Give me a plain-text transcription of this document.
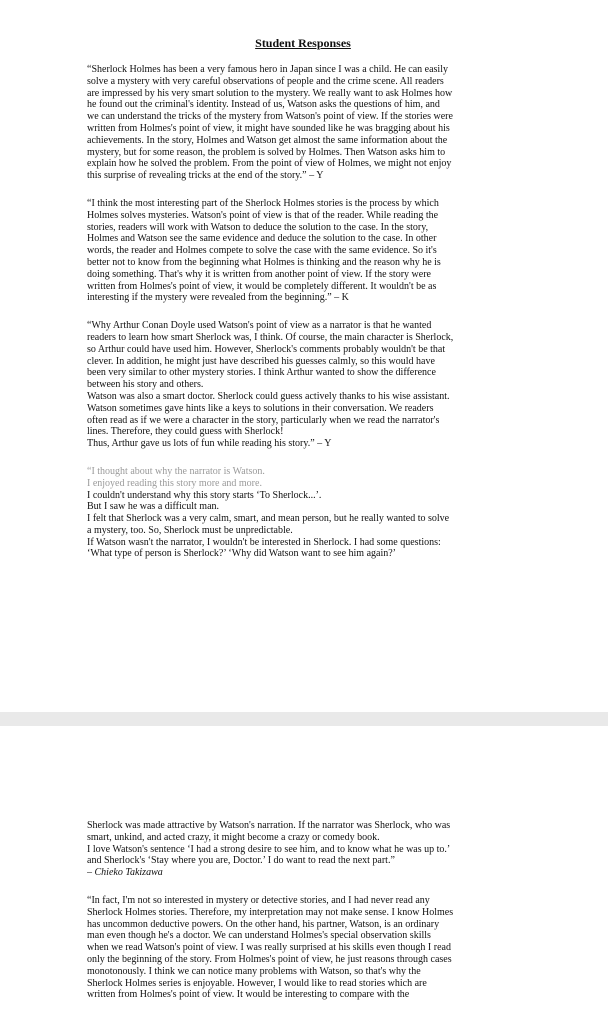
Student Responses
“Sherlock Holmes has been a very famous hero in Japan since I was a child. He can easily
solve a mystery with very careful observations of people and the crime scene. All readers
are impressed by his very smart solution to the mystery. We really want to ask Holmes how
he found out the criminal's identity. Instead of us, Watson asks the questions of him, and
we can understand the tricks of the mystery from Watson's point of view. If the stories were
written from Holmes's point of view, it might have sounded like he was bragging about his
achievements. In the story, Holmes and Watson get almost the same information about the
mystery, but for some reason, the problem is solved by Holmes. Then Watson asks him to
explain how he solved the problem. From the point of view of Holmes, we might not enjoy
this surprise of revealing tricks at the end of the story.” – Y
“I think the most interesting part of the Sherlock Holmes stories is the process by which
Holmes solves mysteries. Watson's point of view is that of the reader. While reading the
stories, readers will work with Watson to deduce the solution to the case. In the story,
Holmes and Watson see the same evidence and deduce the solution to the case. In other
words, the reader and Holmes compete to solve the case with the same evidence. So it's
better not to know from the beginning what Holmes is thinking and the reason why he is
doing something. That's why it is written from another point of view. If the story were
written from Holmes's point of view, it would be completely different. It wouldn't be as
interesting if the mystery were revealed from the beginning.” – K
“Why Arthur Conan Doyle used Watson's point of view as a narrator is that he wanted
readers to learn how smart Sherlock was, I think. Of course, the main character is Sherlock,
so Arthur could have used him. However, Sherlock's comments probably wouldn't be that
clever. In addition, he might just have described his guesses calmly, so this would have
been very similar to other mystery stories. I think Arthur wanted to show the difference
between his story and others.
Watson was also a smart doctor. Sherlock could guess actively thanks to his wise assistant.
Watson sometimes gave hints like a keys to solutions in their conversation. We readers
often read as if we were a character in the story, particularly when we read the narrator's
lines. Therefore, they could guess with Sherlock!
Thus, Arthur gave us lots of fun while reading his story.” – Y
“I thought about why the narrator is Watson.
I enjoyed reading this story more and more.
I couldn't understand why this story starts ‘To Sherlock...’.
But I saw he was a difficult man.
I felt that Sherlock was a very calm, smart, and mean person, but he really wanted to solve
a mystery, too. So, Sherlock must be unpredictable.
If Watson wasn't the narrator, I wouldn't be interested in Sherlock. I had some questions:
‘What type of person is Sherlock?’ ‘Why did Watson want to see him again?’
Sherlock was made attractive by Watson's narration. If the narrator was Sherlock, who was
smart, unkind, and acted crazy, it might become a crazy or comedy book.
I love Watson's sentence ‘I had a strong desire to see him, and to know what he was up to.’
and Sherlock's ‘Stay where you are, Doctor.’ I do want to read the next part.”
– Chieko Takizawa
“In fact, I'm not so interested in mystery or detective stories, and I had never read any
Sherlock Holmes stories. Therefore, my interpretation may not make sense. I know Holmes
has uncommon deductive powers. On the other hand, his partner, Watson, is an ordinary
man even though he's a doctor. We can understand Holmes's special observation skills
when we read Watson's point of view. I was really surprised at his skills even though I read
only the beginning of the story. From Holmes's point of view, he just reasons through cases
monotonously. I think we can notice many problems with Watson, so that's why the
Sherlock Holmes series is enjoyable. However, I would like to read stories which are
written from Holmes's point of view. It would be interesting to compare with the
